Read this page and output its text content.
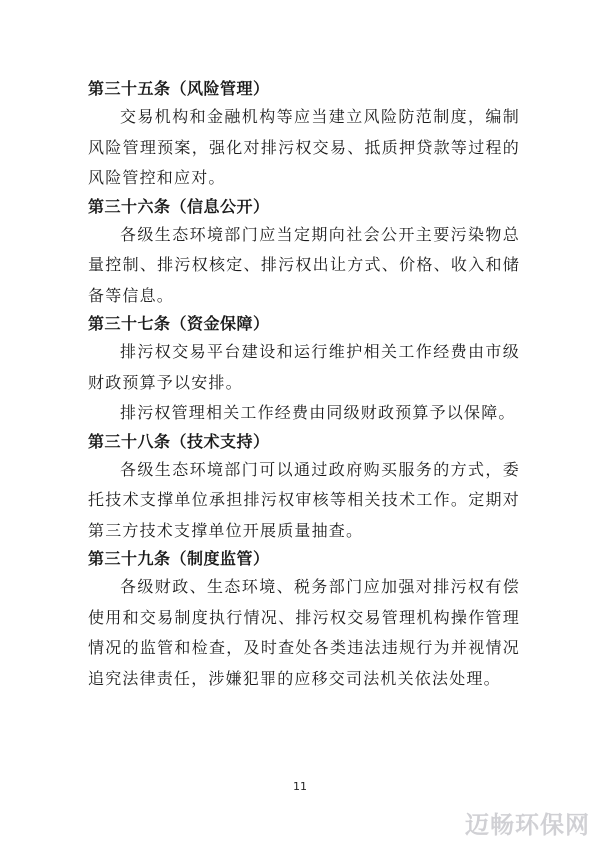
第三十五条（风险管理）

交易机构和金融机构等应当建立风险防范制度，编制风险管理预案，强化对排污权交易、抵质押贷款等过程的风险管控和应对。

第三十六条（信息公开）

各级生态环境部门应当定期向社会公开主要污染物总量控制、排污权核定、排污权出让方式、价格、收入和储备等信息。

第三十七条（资金保障）

排污权交易平台建设和运行维护相关工作经费由市级财政预算予以安排。

排污权管理相关工作经费由同级财政预算予以保障。

第三十八条（技术支持）

各级生态环境部门可以通过政府购买服务的方式，委托技术支撑单位承担排污权审核等相关技术工作。定期对第三方技术支撑单位开展质量抽查。

第三十九条（制度监管）

各级财政、生态环境、税务部门应加强对排污权有偿使用和交易制度执行情况、排污权交易管理机构操作管理情况的监管和检查，及时查处各类违法违规行为并视情况追究法律责任，涉嫌犯罪的应移交司法机关依法处理。

11
迈畅环保网
